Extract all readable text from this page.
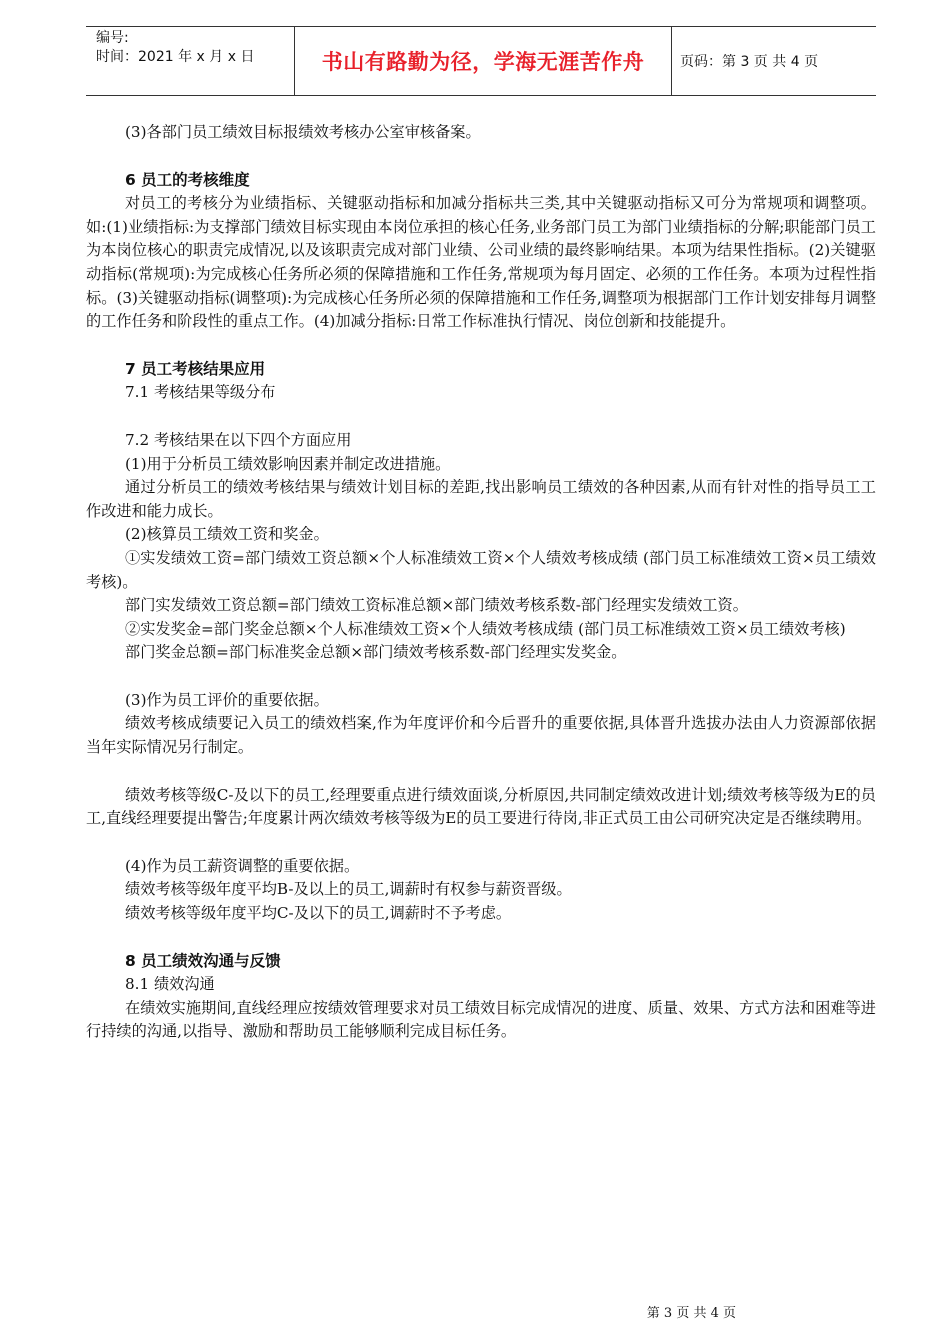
编号:
时间：2021 年 x 月 x 日	书山有路勤为径，学海无涯苦作舟	页码：第 3 页 共 4 页

(3)各部门员工绩效目标报绩效考核办公室审核备案。

6 员工的考核维度

对员工的考核分为业绩指标、关键驱动指标和加减分指标共三类,其中关键驱动指标又可分为常规项和调整项。如:(1)业绩指标:为支撑部门绩效目标实现由本岗位承担的核心任务,业务部门员工为部门业绩指标的分解;职能部门员工为本岗位核心的职责完成情况,以及该职责完成对部门业绩、公司业绩的最终影响结果。本项为结果性指标。(2)关键驱动指标(常规项):为完成核心任务所必须的保障措施和工作任务,常规项为每月固定、必须的工作任务。本项为过程性指标。(3)关键驱动指标(调整项):为完成核心任务所必须的保障措施和工作任务,调整项为根据部门工作计划安排每月调整的工作任务和阶段性的重点工作。(4)加减分指标:日常工作标准执行情况、岗位创新和技能提升。

7 员工考核结果应用

7.1 考核结果等级分布

7.2 考核结果在以下四个方面应用

(1)用于分析员工绩效影响因素并制定改进措施。

通过分析员工的绩效考核结果与绩效计划目标的差距,找出影响员工绩效的各种因素,从而有针对性的指导员工工作改进和能力成长。

(2)核算员工绩效工资和奖金。

①实发绩效工资=部门绩效工资总额×个人标准绩效工资×个人绩效考核成绩 (部门员工标准绩效工资×员工绩效考核)。

部门实发绩效工资总额=部门绩效工资标准总额×部门绩效考核系数-部门经理实发绩效工资。

②实发奖金=部门奖金总额×个人标准绩效工资×个人绩效考核成绩 (部门员工标准绩效工资×员工绩效考核)

部门奖金总额=部门标准奖金总额×部门绩效考核系数-部门经理实发奖金。

(3)作为员工评价的重要依据。

绩效考核成绩要记入员工的绩效档案,作为年度评价和今后晋升的重要依据,具体晋升选拔办法由人力资源部依据当年实际情况另行制定。

绩效考核等级C-及以下的员工,经理要重点进行绩效面谈,分析原因,共同制定绩效改进计划;绩效考核等级为E的员工,直线经理要提出警告;年度累计两次绩效考核等级为E的员工要进行待岗,非正式员工由公司研究决定是否继续聘用。

(4)作为员工薪资调整的重要依据。

绩效考核等级年度平均B-及以上的员工,调薪时有权参与薪资晋级。

绩效考核等级年度平均C-及以下的员工,调薪时不予考虑。

8 员工绩效沟通与反馈

8.1 绩效沟通

在绩效实施期间,直线经理应按绩效管理要求对员工绩效目标完成情况的进度、质量、效果、方式方法和困难等进行持续的沟通,以指导、激励和帮助员工能够顺利完成目标任务。

第 3 页 共 4 页
